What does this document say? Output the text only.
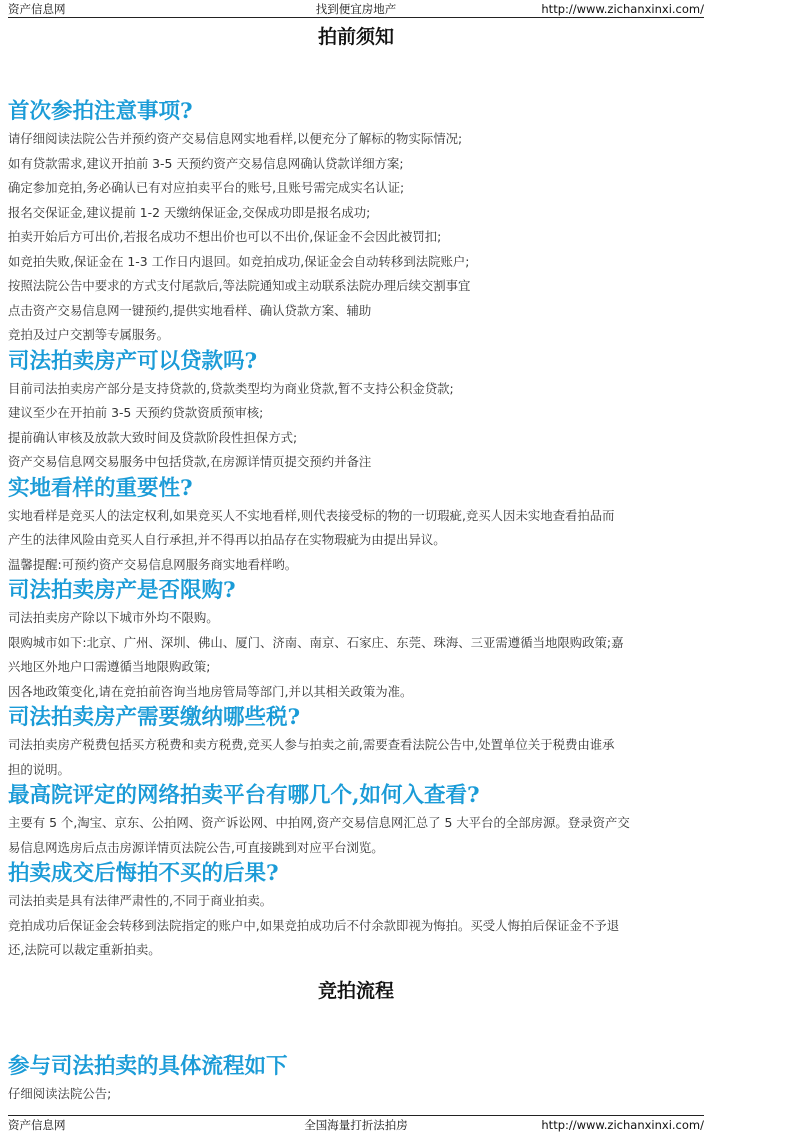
找到便宜房地产
资产信息网	http://www.zichanxinxi.com/
拍前须知
首次参拍注意事项?

请仔细阅读法院公告并预约资产交易信息网实地看样,以便充分了解标的物实际情况;

如有贷款需求,建议开拍前 3-5 天预约资产交易信息网确认贷款详细方案;

确定参加竞拍,务必确认已有对应拍卖平台的账号,且账号需完成实名认证;

报名交保证金,建议提前 1-2 天缴纳保证金,交保成功即是报名成功;

拍卖开始后方可出价,若报名成功不想出价也可以不出价,保证金不会因此被罚扣;

如竞拍失败,保证金在 1-3 工作日内退回。如竞拍成功,保证金会自动转移到法院账户;

按照法院公告中要求的方式支付尾款后,等法院通知或主动联系法院办理后续交割事宜

点击资产交易信息网一键预约,提供实地看样、确认贷款方案、辅助

竞拍及过户交割等专属服务。

司法拍卖房产可以贷款吗?

目前司法拍卖房产部分是支持贷款的,贷款类型均为商业贷款,暂不支持公积金贷款;

建议至少在开拍前 3-5 天预约贷款资质预审核;

提前确认审核及放款大致时间及贷款阶段性担保方式;

资产交易信息网交易服务中包括贷款,在房源详情页提交预约并备注

实地看样的重要性?

实地看样是竞买人的法定权利,如果竞买人不实地看样,则代表接受标的物的一切瑕疵,竞买人因未实地查看拍品而

产生的法律风险由竞买人自行承担,并不得再以拍品存在实物瑕疵为由提出异议。

温馨提醒:可预约资产交易信息网服务商实地看样哟。

司法拍卖房产是否限购?

司法拍卖房产除以下城市外均不限购。

限购城市如下:北京、广州、深圳、佛山、厦门、济南、南京、石家庄、东莞、珠海、三亚需遵循当地限购政策;嘉

兴地区外地户口需遵循当地限购政策;

因各地政策变化,请在竞拍前咨询当地房管局等部门,并以其相关政策为准。

司法拍卖房产需要缴纳哪些税?

司法拍卖房产税费包括买方税费和卖方税费,竞买人参与拍卖之前,需要查看法院公告中,处置单位关于税费由谁承

担的说明。

最高院评定的网络拍卖平台有哪几个,如何入查看?

主要有 5 个,淘宝、京东、公拍网、资产诉讼网、中拍网,资产交易信息网汇总了 5 大平台的全部房源。登录资产交

易信息网选房后点击房源详情页法院公告,可直接跳到对应平台浏览。

拍卖成交后悔拍不买的后果?

司法拍卖是具有法律严肃性的,不同于商业拍卖。

竞拍成功后保证金会转移到法院指定的账户中,如果竞拍成功后不付余款即视为悔拍。买受人悔拍后保证金不予退

还,法院可以裁定重新拍卖。

竞拍流程
参与司法拍卖的具体流程如下

仔细阅读法院公告;

全国海量打折法拍房
资产信息网	http://www.zichanxinxi.com/
